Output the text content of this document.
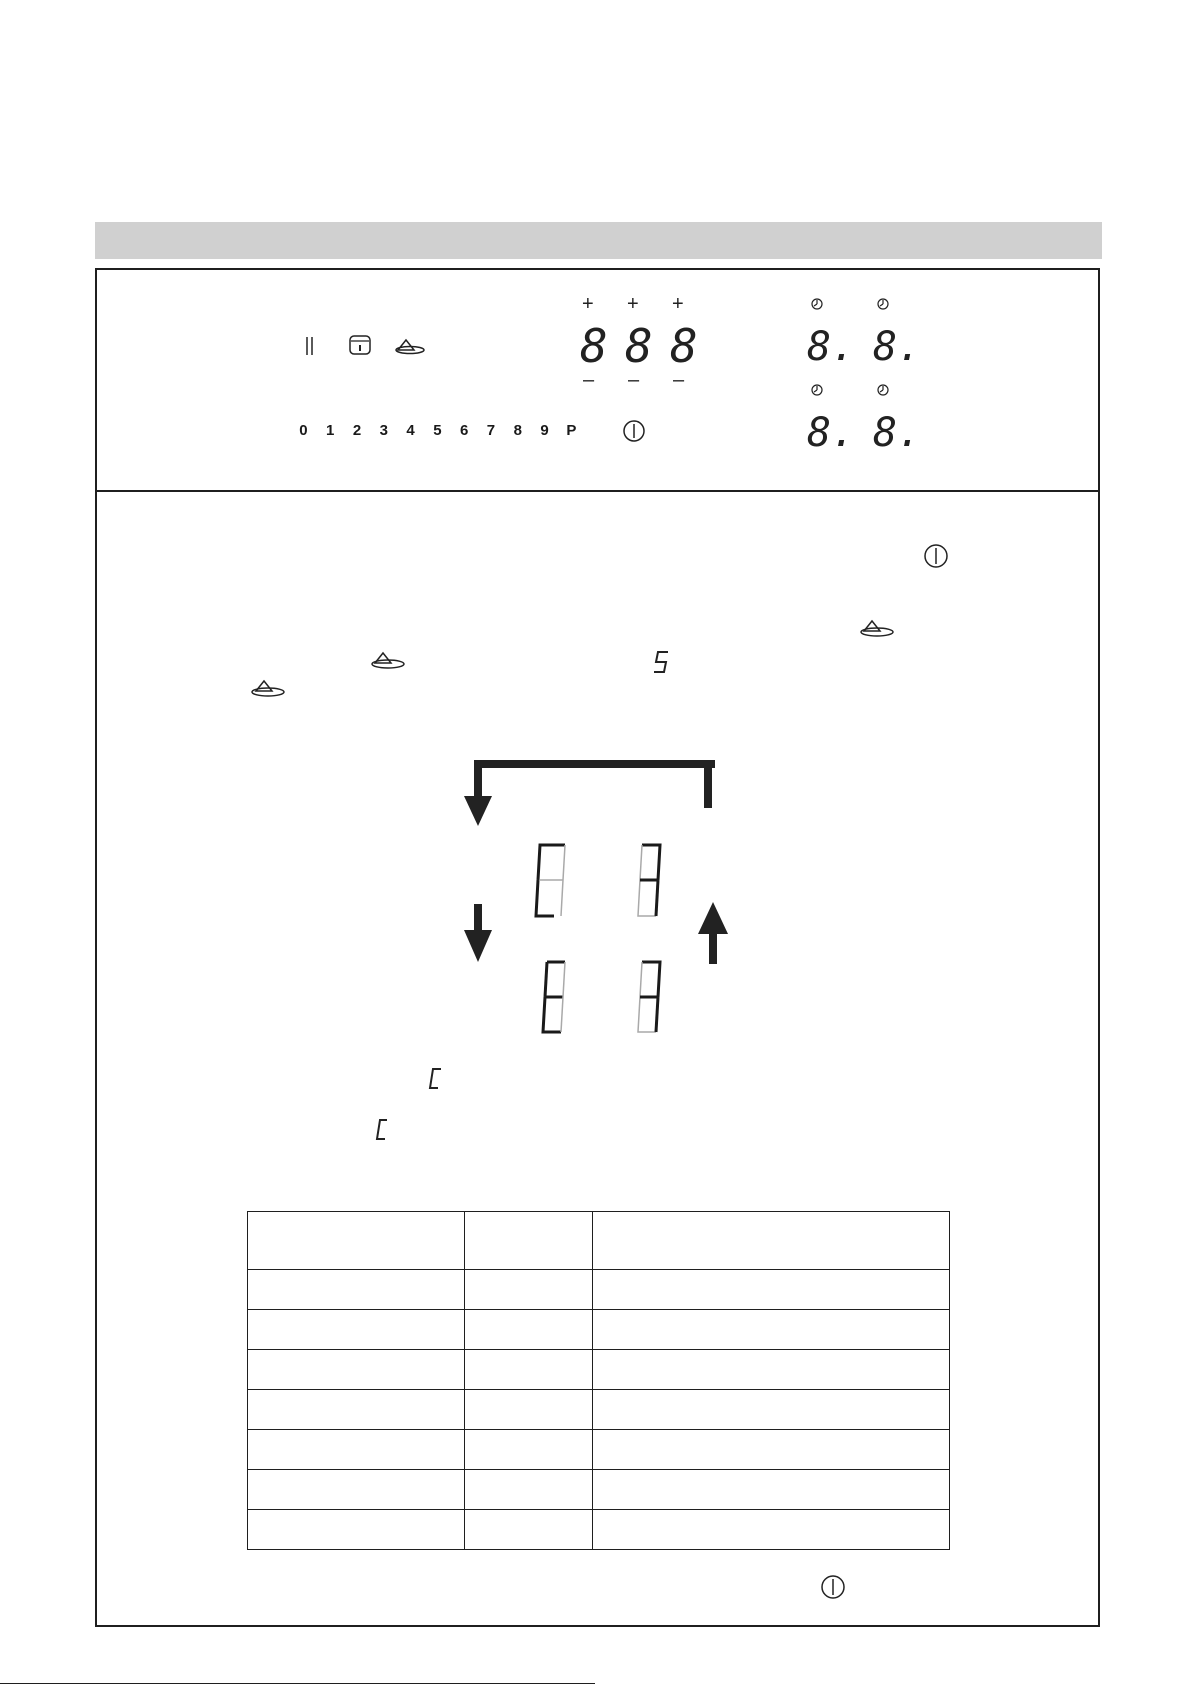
8 8 8	8. 8.
8. 8.
+ + +
– – –
0	1	2	3	4	5	6	7	8	9	P
